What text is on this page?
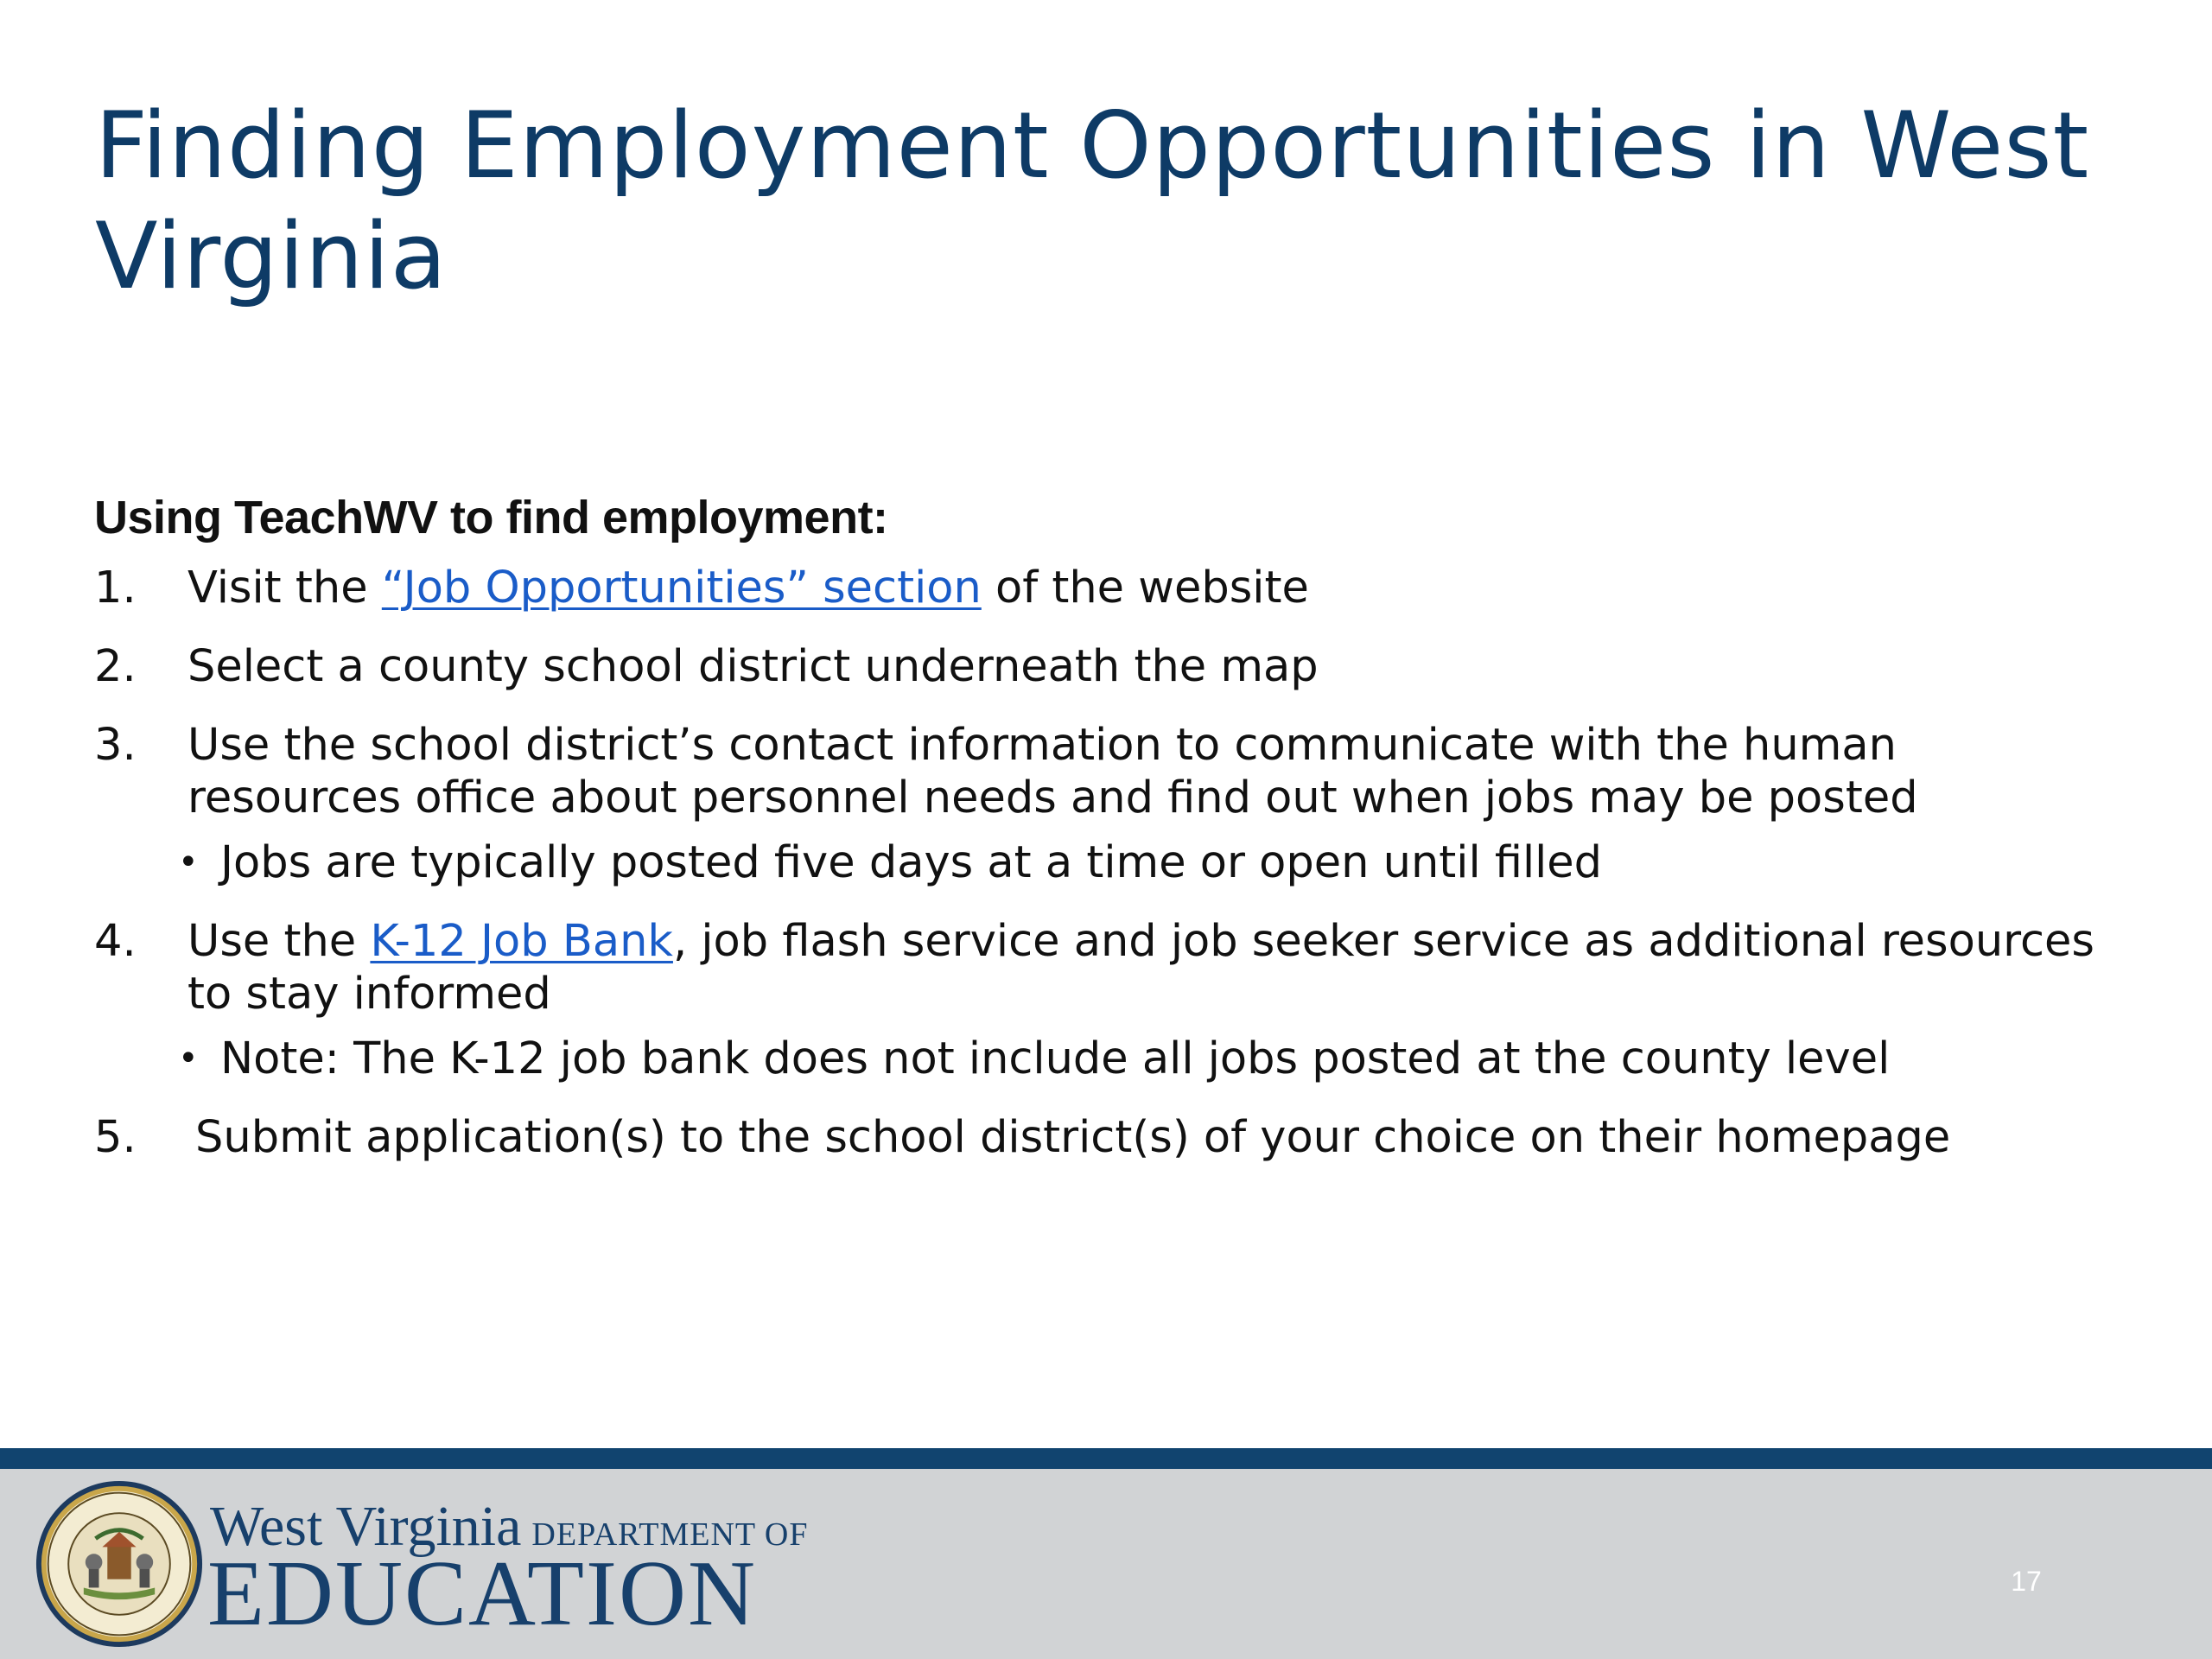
Finding Employment Opportunities in West Virginia
Using TeachWV to find employment:
1. Visit the “Job Opportunities” section of the website
2. Select a county school district underneath the map
3. Use the school district’s contact information to communicate with the human resources office about personnel needs and find out when jobs may be posted
• Jobs are typically posted five days at a time or open until filled
4. Use the K-12 Job Bank, job flash service and job seeker service as additional resources to stay informed
• Note: The K-12 job bank does not include all jobs posted at the county level
5. Submit application(s) to the school district(s) of your choice on their homepage
West Virginia DEPARTMENT OF
EDUCATION	17
